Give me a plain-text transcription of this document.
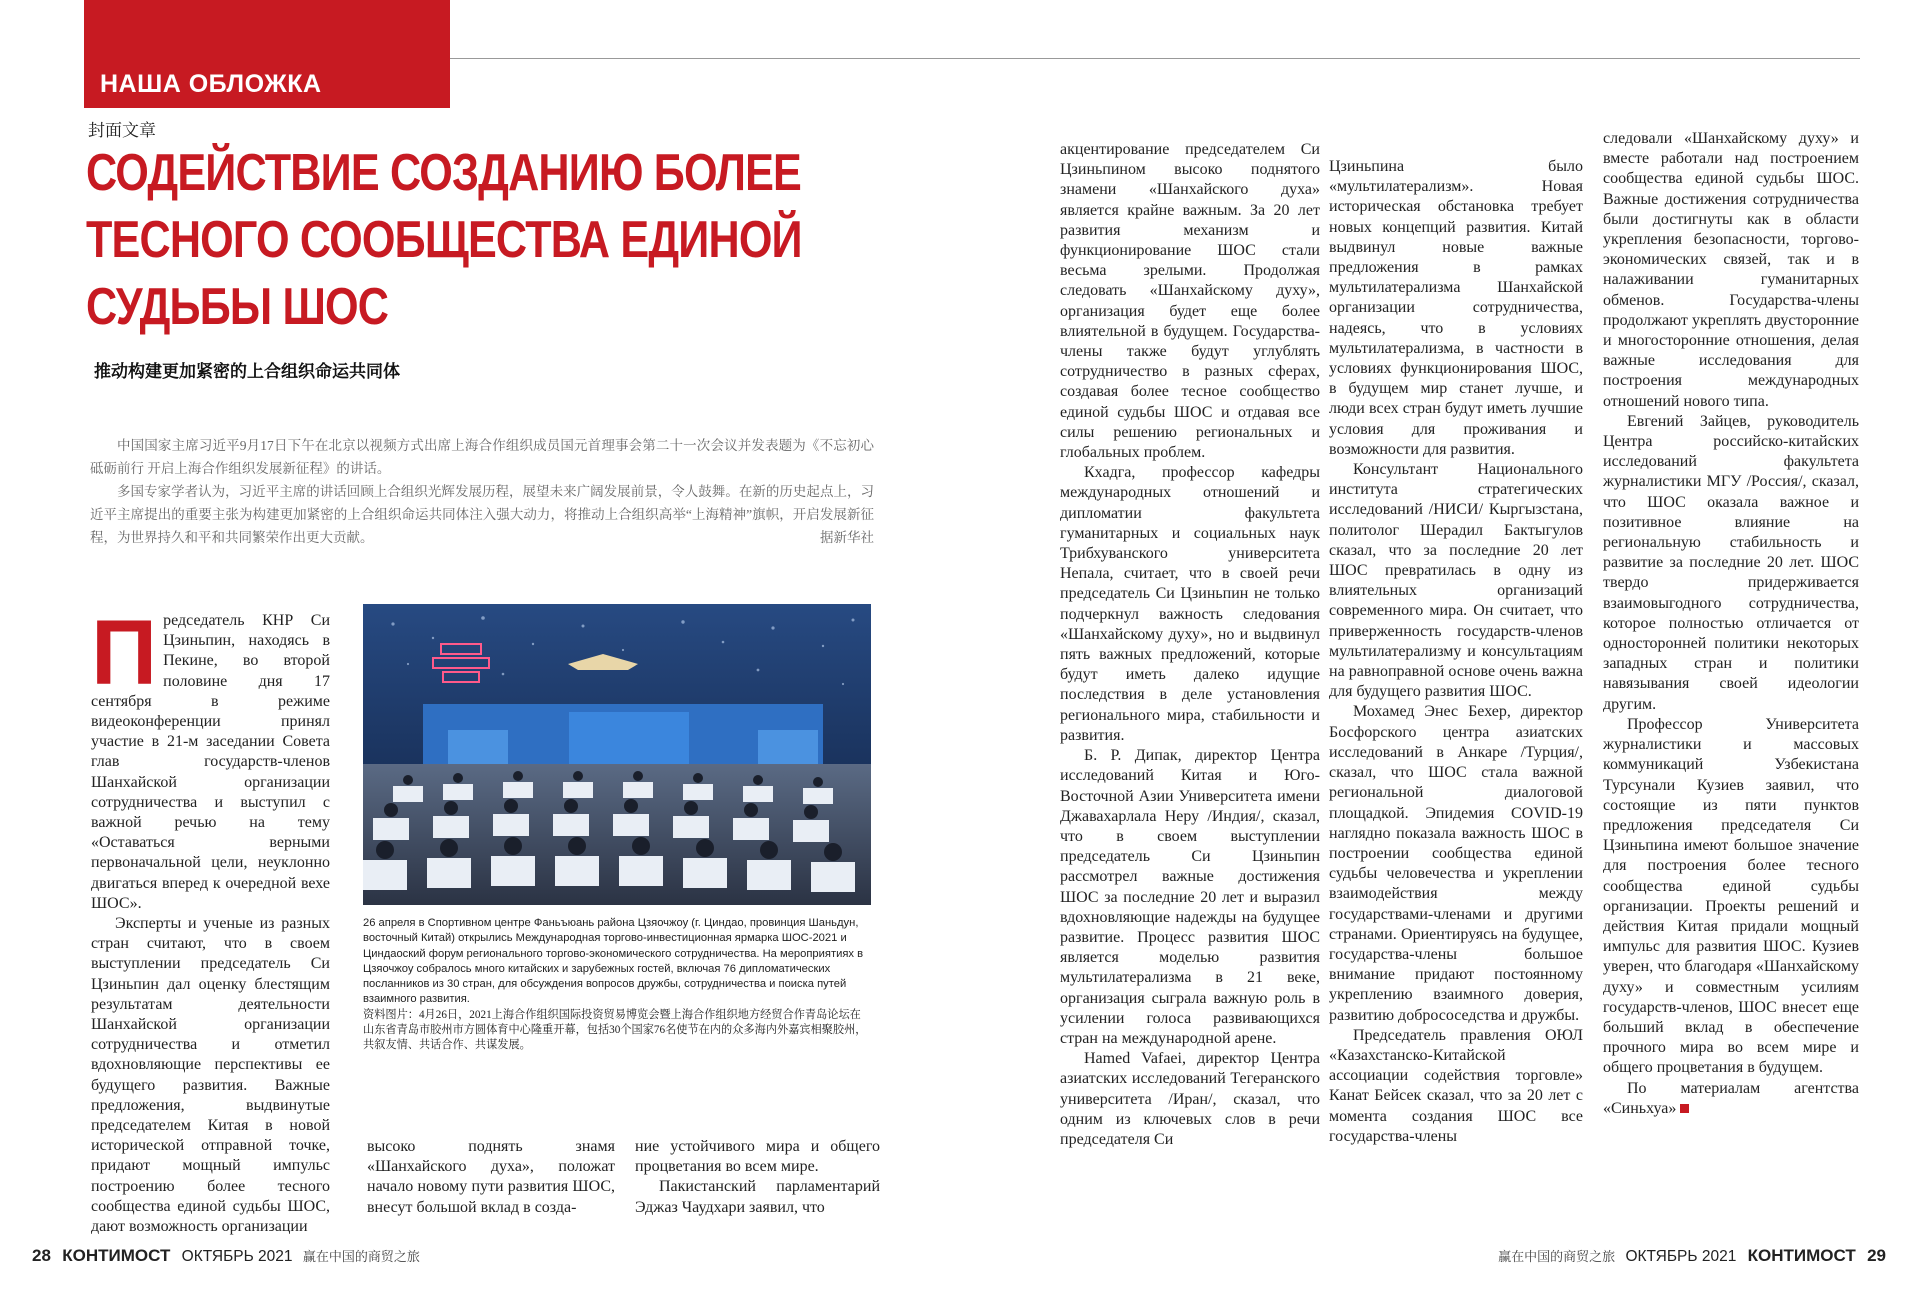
НАША ОБЛОЖКА
封面文章
СОДЕЙСТВИЕ СОЗДАНИЮ БОЛЕЕ
ТЕСНОГО СООБЩЕСТВА ЕДИНОЙ
СУДЬБЫ ШОС
推动构建更加紧密的上合组织命运共同体

中国国家主席习近平9月17日下午在北京以视频方式出席上海合作组织成员国元首理事会第二十一次会议并发表题为《不忘初心 砥砺前行 开启上海合作组织发展新征程》的讲话。

多国专家学者认为，习近平主席的讲话回顾上合组织光辉发展历程，展望未来广阔发展前景，令人鼓舞。在新的历史起点上，习近平主席提出的重要主张为构建更加紧密的上合组织命运共同体注入强大动力，将推动上合组织高举“上海精神”旗帜，开启发展新征程，为世界持久和平和共同繁荣作出更大贡献。	据新华社

Председатель КНР Си Цзиньпин, находясь в Пекине, во второй половине дня 17 сентября в режиме видеоконференции принял участие в 21-м заседании Совета глав государств-членов Шанхайской организации сотрудничества и выступил с важной речью на тему «Оставаться верными первоначальной цели, неуклонно двигаться вперед к очередной вехе ШОС».

Эксперты и ученые из разных стран считают, что в своем выступлении председатель Си Цзиньпин дал оценку блестящим результатам деятельности Шанхайской организации сотрудничества и отметил вдохновляющие перспективы ее будущего развития. Важные предложения, выдвинутые председателем Китая в новой исторической отправной точке, придают мощный импульс построению более тесного сообщества единой судьбы ШОС, дают возможность организации

26 апреля в Спортивном центре Фаньъюань района Цзяочжоу (г. Циндао, провинция Шаньдун, восточный Китай) открылись Международная торгово-инвестиционная ярмарка ШОС-2021 и Циндаоский форум регионального торгово-экономического сотрудничества. На мероприятиях в Цзяочжоу собралось много китайских и зарубежных гостей, включая 76 дипломатических посланников из 30 стран, для обсуждения вопросов дружбы, сотрудничества и поиска путей взаимного развития.
资料图片：4月26日，2021上海合作组织国际投资贸易博览会暨上海合作组织地方经贸合作青岛论坛在山东省青岛市胶州市方圆体育中心隆重开幕，包括30个国家76名使节在内的众多海内外嘉宾相聚胶州，共叙友情、共话合作、共谋发展。

высоко поднять знамя «Шанхайского духа», положат начало новому пути развития ШОС, внесут большой вклад в созда-

ние устойчивого мира и общего процветания во всем мире.

Пакистанский парламентарий Эджаз Чаудхари заявил, что

акцентирование председателем Си Цзиньпином высоко поднятого знамени «Шанхайского духа» является крайне важным. За 20 лет развития механизм и функционирование ШОС стали весьма зрелыми. Продолжая следовать «Шанхайскому духу», организация будет еще более влиятельной в будущем. Государства-члены также будут углублять сотрудничество в разных сферах, создавая более тесное сообщество единой судьбы ШОС и отдавая все силы решению региональных и глобальных проблем.

Кхадга, профессор кафедры международных отношений и дипломатии факультета гуманитарных и социальных наук Трибхуванского университета Непала, считает, что в своей речи председатель Си Цзиньпин не только подчеркнул важность следования «Шанхайскому духу», но и выдвинул пять важных предложений, которые будут иметь далеко идущие последствия в деле установления регионального мира, стабильности и развития.

Б. Р. Дипак, директор Центра исследований Китая и Юго-Восточной Азии Университета имени Джавахарлала Неру /Индия/, сказал, что в своем выступлении председатель Си Цзиньпин рассмотрел важные достижения ШОС за последние 20 лет и выразил вдохновляющие надежды на будущее развитие. Процесс развития ШОС является моделью развития мультилатерализма в 21 веке, организация сыграла важную роль в усилении голоса развивающихся стран на международной арене.

Hamed Vafaei, директор Центра азиатских исследований Тегеранского университета /Иран/, сказал, что одним из ключевых слов в речи председателя Си

Цзиньпина было «мультилатерализм». Новая историческая обстановка требует новых концепций развития. Китай выдвинул новые важные предложения в рамках мультилатерализма Шанхайской организации сотрудничества, надеясь, что в условиях мультилатерализма, в частности в условиях функционирования ШОС, в будущем мир станет лучше, и люди всех стран будут иметь лучшие условия для проживания и возможности для развития.

Консультант Национального института стратегических исследований /НИСИ/ Кыргызстана, политолог Шерадил Бактыгулов сказал, что за последние 20 лет ШОС превратилась в одну из влиятельных организаций современного мира. Он считает, что приверженность государств-членов мультилатерализму и консультациям на равноправной основе очень важна для будущего развития ШОС.

Мохамед Энес Бехер, директор Босфорского центра азиатских исследований в Анкаре /Турция/, сказал, что ШОС стала важной региональной диалоговой площадкой. Эпидемия COVID-19 наглядно показала важность ШОС в построении сообщества единой судьбы человечества и укреплении взаимодействия между государствами-членами и другими странами. Ориентируясь на будущее, государства-члены большое внимание придают постоянному укреплению взаимного доверия, развитию добрососедства и дружбы.

Председатель правления ОЮЛ «Казахстанско-Китайской ассоциации содействия торговле» Канат Бейсек сказал, что за 20 лет с момента создания ШОС все государства-члены

следовали «Шанхайскому духу» и вместе работали над построением сообщества единой судьбы ШОС. Важные достижения сотрудничества были достигнуты как в области укрепления безопасности, торгово-экономических связей, так и в налаживании гуманитарных обменов. Государства-члены продолжают укреплять двусторонние и многосторонние отношения, делая важные исследования для построения международных отношений нового типа.

Евгений Зайцев, руководитель Центра российско-китайских исследований факультета журналистики МГУ /Россия/, сказал, что ШОС оказала важное и позитивное влияние на региональную стабильность и развитие за последние 20 лет. ШОС твердо придерживается взаимовыгодного сотрудничества, которое полностью отличается от односторонней политики некоторых западных стран и политики навязывания своей идеологии другим.

Профессор Университета журналистики и массовых коммуникаций Узбекистана Турсунали Кузиев заявил, что состоящие из пяти пунктов предложения председателя Си Цзиньпина имеют большое значение для построения более тесного сообщества единой судьбы организации. Проекты решений и действия Китая придали мощный импульс для развития ШОС. Кузиев уверен, что благодаря «Шанхайскому духу» и совместным усилиям государств-членов, ШОС внесет еще больший вклад в обеспечение прочного мира во всем мире и общего процветания в будущем.

По материалам агентства «Синьхуа»

28 КОНТИМОСТ ОКТЯБРЬ 2021 赢在中国的商贸之旅	赢在中国的商贸之旅 ОКТЯБРЬ 2021 КОНТИМОСТ 29
